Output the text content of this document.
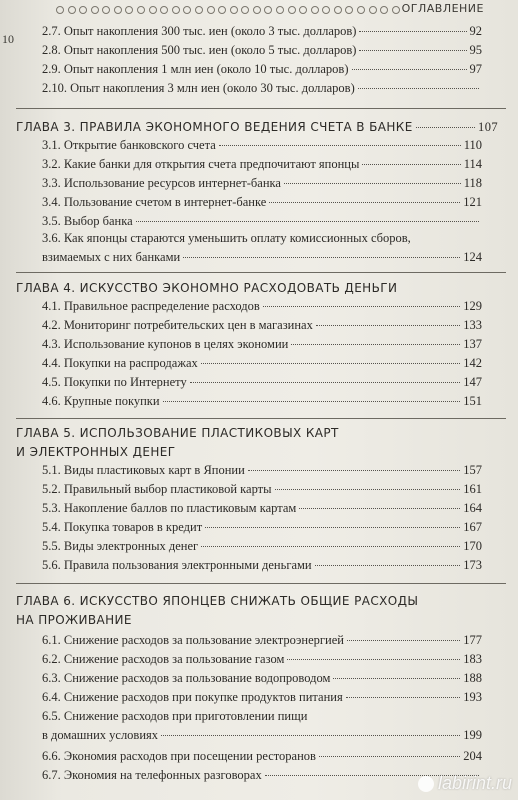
ОГЛАВЛЕНИЕ
10
2.7. Опыт накопления 300 тыс. иен (около 3 тыс. долларов)	92
2.8. Опыт накопления 500 тыс. иен (около 5 тыс. долларов)	95
2.9. Опыт накопления 1 млн иен (около 10 тыс. долларов)	97
2.10. Опыт накопления 3 млн иен (около 30 тыс. долларов)
ГЛАВА 3. ПРАВИЛА ЭКОНОМНОГО ВЕДЕНИЯ СЧЕТА В БАНКЕ	107
3.1. Открытие банковского счета	110
3.2. Какие банки для открытия счета предпочитают японцы	114
3.3. Использование ресурсов интернет-банка	118
3.4. Пользование счетом в интернет-банке	121
3.5. Выбор банка
3.6. Как японцы стараются уменьшить оплату комиссионных сборов,
взимаемых с них банками	124
ГЛАВА 4. ИСКУССТВО ЭКОНОМНО РАСХОДОВАТЬ ДЕНЬГИ
4.1. Правильное распределение расходов	129
4.2. Мониторинг потребительских цен в магазинах	133
4.3. Использование купонов в целях экономии	137
4.4. Покупки на распродажах	142
4.5. Покупки по Интернету	147
4.6. Крупные покупки	151
ГЛАВА 5. ИСПОЛЬЗОВАНИЕ ПЛАСТИКОВЫХ КАРТ
И ЭЛЕКТРОННЫХ ДЕНЕГ
5.1. Виды пластиковых карт в Японии	157
5.2. Правильный выбор пластиковой карты	161
5.3. Накопление баллов по пластиковым картам	164
5.4. Покупка товаров в кредит	167
5.5. Виды электронных денег	170
5.6. Правила пользования электронными деньгами	173
ГЛАВА 6. ИСКУССТВО ЯПОНЦЕВ СНИЖАТЬ ОБЩИЕ РАСХОДЫ
НА ПРОЖИВАНИЕ
6.1. Снижение расходов за пользование электроэнергией	177
6.2. Снижение расходов за пользование газом	183
6.3. Снижение расходов за пользование водопроводом	188
6.4. Снижение расходов при покупке продуктов питания	193
6.5. Снижение расходов при приготовлении пищи
в домашних условиях	199
6.6. Экономия расходов при посещении ресторанов	204
6.7. Экономия на телефонных разговорах	labirint.ru
